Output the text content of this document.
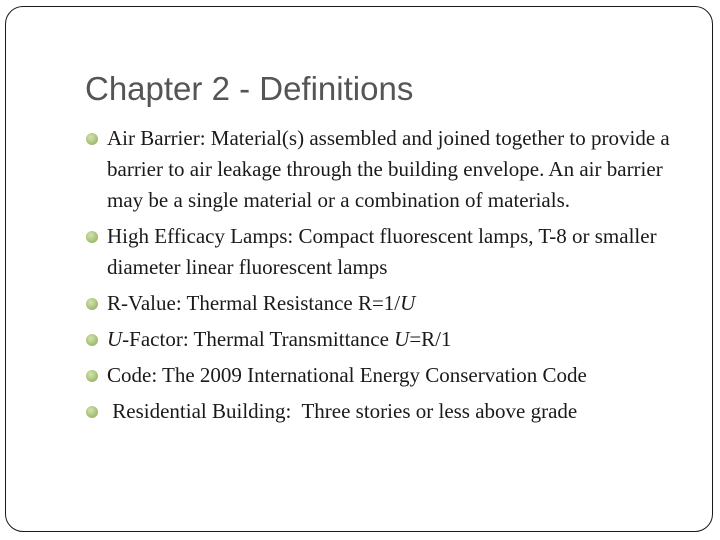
Chapter 2 - Definitions
Air Barrier: Material(s) assembled and joined together to provide a barrier to air leakage through the building envelope. An air barrier may be a single material or a combination of materials.
High Efficacy Lamps: Compact fluorescent lamps, T-8 or smaller diameter linear fluorescent lamps
R-Value: Thermal Resistance R=1/U
U-Factor: Thermal Transmittance U=R/1
Code: The 2009 International Energy Conservation Code
Residential Building:  Three stories or less above grade
